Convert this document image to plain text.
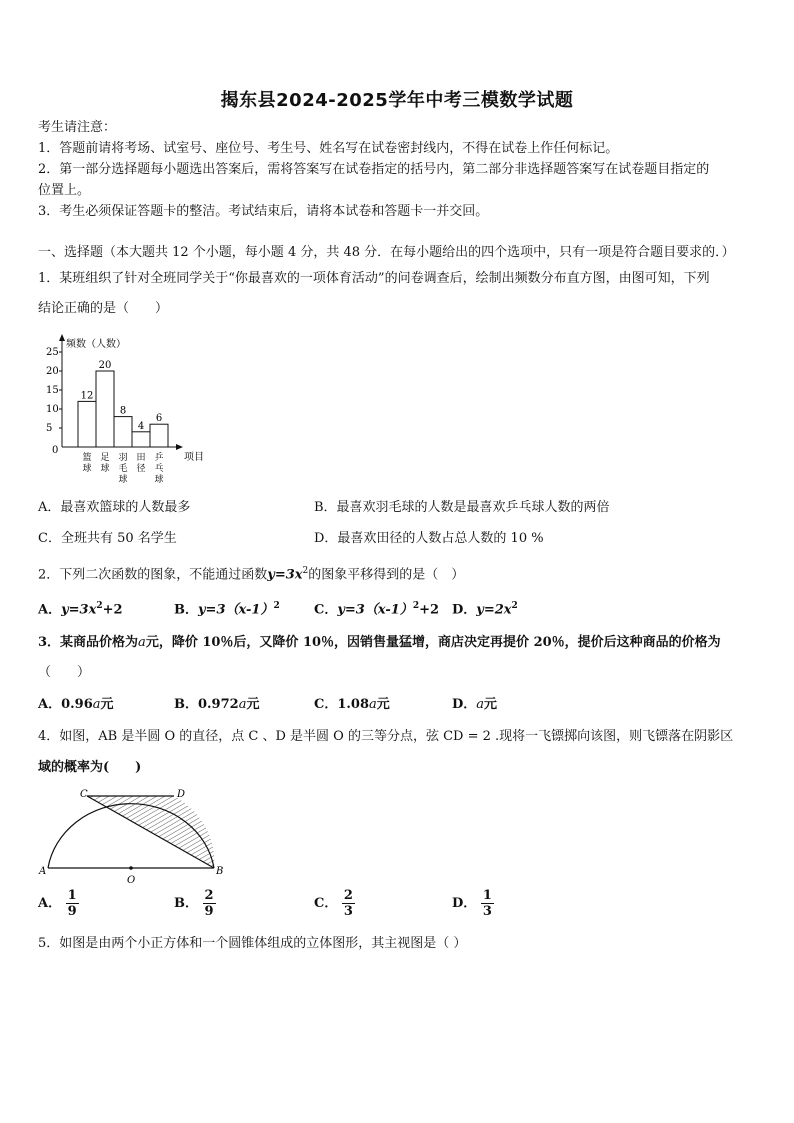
揭东县2024-2025学年中考三模数学试题
考生请注意：
1．答题前请将考场、试室号、座位号、考生号、姓名写在试卷密封线内，不得在试卷上作任何标记。
2．第一部分选择题每小题选出答案后，需将答案写在试卷指定的括号内，第二部分非选择题答案写在试卷题目指定的
位置上。
3．考生必须保证答题卡的整洁。考试结束后，请将本试卷和答题卡一并交回。
一、选择题（本大题共 12 个小题，每小题 4 分，共 48 分．在每小题给出的四个选项中，只有一项是符合题目要求的．）
1．某班组织了针对全班同学关于“你最喜欢的一项体育活动”的问卷调查后，绘制出频数分布直方图，由图可知，下列
结论正确的是（　　）
频数（人数）
项目
0
5
10
15
20
25
12
20
8
4
6
篮
球
足
球
羽
毛
球
田
径
乒
乓
球
A．最喜欢篮球的人数最多	B．最喜欢羽毛球的人数是最喜欢乒乓球人数的两倍
C．全班共有 50 名学生	D．最喜欢田径的人数占总人数的 10 %
2．下列二次函数的图象，不能通过函数$y=3x^2$的图象平移得到的是（　）
A．$y=3x^2+2$	B．$y=3(x-1)^2$	C．$y=3(x-1)^2+2$ D．$y=2x^2$
3．某商品价格为a元，降价 10％后，又降价 10％，因销售量猛增，商店决定再提价 20％，提价后这种商品的价格为
（　　）
A．0.96a元	B．0.972a元	C．1.08a元	D．a元
4．如图，AB 是半圆 O 的直径，点 C 、D 是半圆 O 的三等分点，弦 CD = 2 .现将一飞镖掷向该图，则飞镖落在阴影区
域的概率为(　　)
A	B
C	D
O
A． $\frac{1}{9}$	B． $\frac{2}{9}$	C． $\frac{2}{3}$	D． $\frac{1}{3}$
5．如图是由两个小正方体和一个圆锥体组成的立体图形，其主视图是（ ）
